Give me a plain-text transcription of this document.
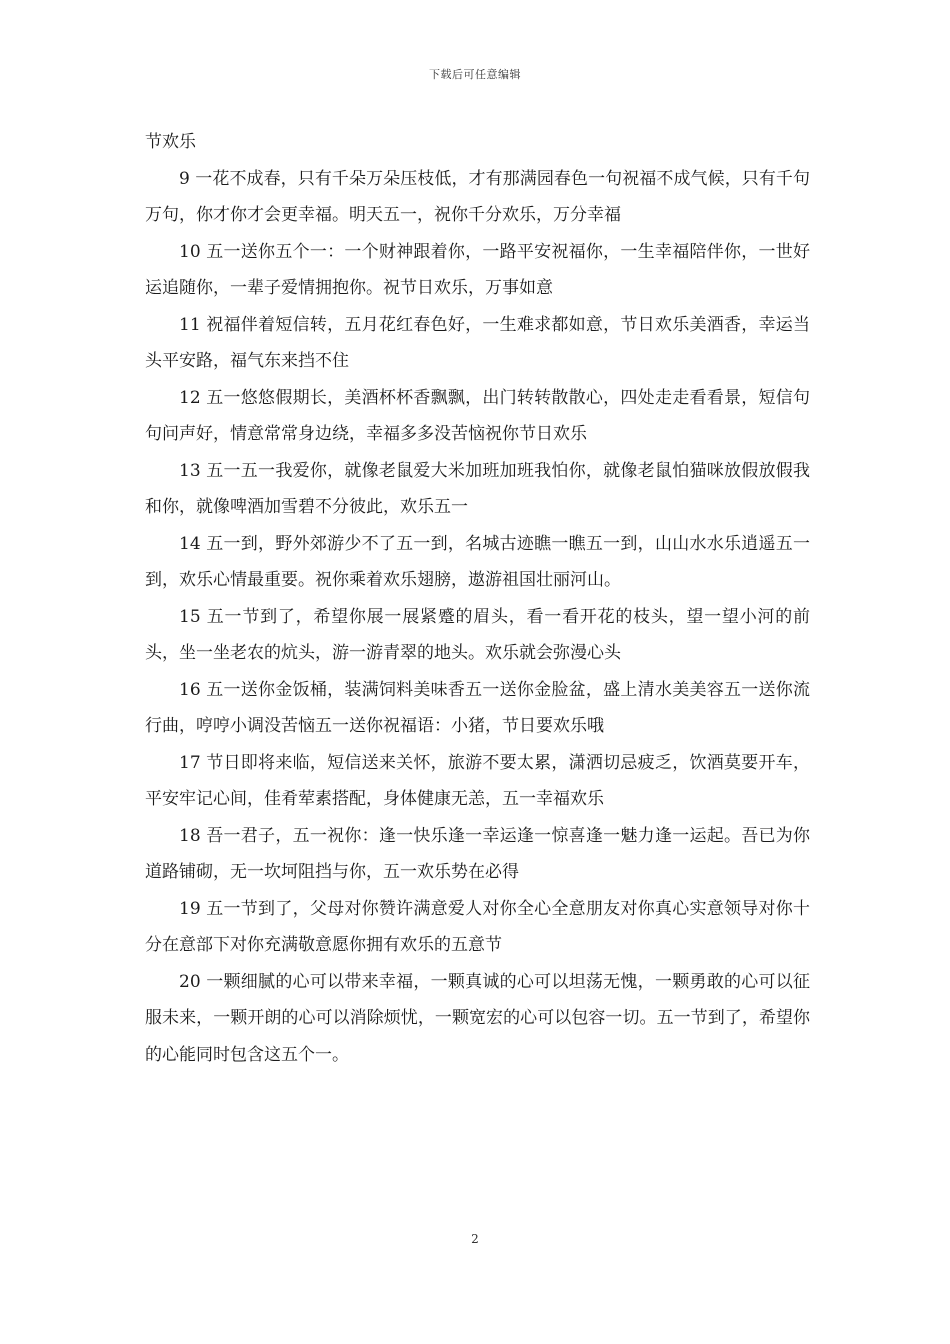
下载后可任意编辑

节欢乐

9 一花不成春，只有千朵万朵压枝低，才有那满园春色一句祝福不成气候，只有千句万句，你才你才会更幸福。明天五一，祝你千分欢乐，万分幸福

10 五一送你五个一：一个财神跟着你，一路平安祝福你，一生幸福陪伴你，一世好运追随你，一辈子爱情拥抱你。祝节日欢乐，万事如意

11 祝福伴着短信转，五月花红春色好，一生难求都如意，节日欢乐美酒香，幸运当头平安路，福气东来挡不住

12 五一悠悠假期长，美酒杯杯香飘飘，出门转转散散心，四处走走看看景，短信句句问声好，情意常常身边绕，幸福多多没苦恼祝你节日欢乐

13 五一五一我爱你，就像老鼠爱大米加班加班我怕你，就像老鼠怕猫咪放假放假我和你，就像啤酒加雪碧不分彼此，欢乐五一

14 五一到，野外郊游少不了五一到，名城古迹瞧一瞧五一到，山山水水乐逍遥五一到，欢乐心情最重要。祝你乘着欢乐翅膀，遨游祖国壮丽河山。

15 五一节到了，希望你展一展紧蹙的眉头，看一看开花的枝头，望一望小河的前头，坐一坐老农的炕头，游一游青翠的地头。欢乐就会弥漫心头

16 五一送你金饭桶，装满饲料美味香五一送你金脸盆，盛上清水美美容五一送你流行曲，哼哼小调没苦恼五一送你祝福语：小猪，节日要欢乐哦

17 节日即将来临，短信送来关怀，旅游不要太累，潇洒切忌疲乏，饮酒莫要开车，平安牢记心间，佳肴荤素搭配，身体健康无恙，五一幸福欢乐

18 吾一君子，五一祝你：逢一快乐逢一幸运逢一惊喜逢一魅力逢一运起。吾已为你道路铺砌，无一坎坷阻挡与你，五一欢乐势在必得

19 五一节到了，父母对你赞许满意爱人对你全心全意朋友对你真心实意领导对你十分在意部下对你充满敬意愿你拥有欢乐的五意节

20 一颗细腻的心可以带来幸福，一颗真诚的心可以坦荡无愧，一颗勇敢的心可以征服未来，一颗开朗的心可以消除烦忧，一颗宽宏的心可以包容一切。五一节到了，希望你的心能同时包含这五个一。

2
